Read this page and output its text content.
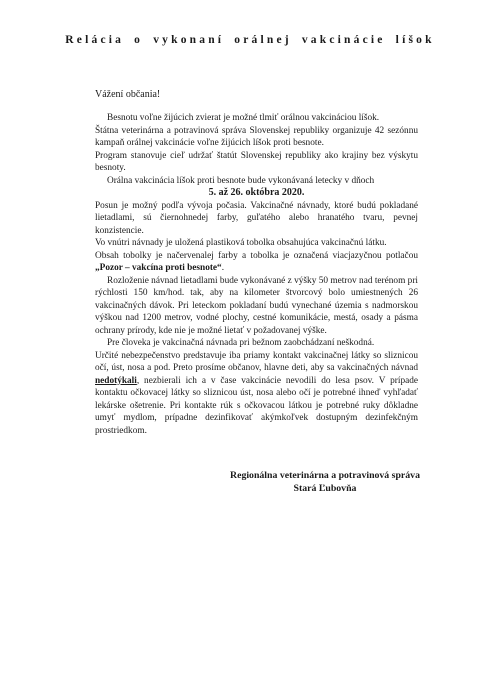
Relácia o vykonaní orálnej vakcinácie líšok
Vážení občania!

Besnotu voľne žijúcich zvierat je možné tlmiť orálnou vakcináciou líšok.

Štátna veterinárna a potravinová správa Slovenskej republiky organizuje 42 sezónnu kampaň orálnej vakcinácie voľne žijúcich líšok proti besnote.

Program stanovuje cieľ udržať štatút Slovenskej republiky ako krajiny bez výskytu besnoty.

Orálna vakcinácia líšok proti besnote bude vykonávaná letecky v dňoch

5. až 26. októbra 2020.

Posun je možný podľa vývoja počasia. Vakcinačné návnady, ktoré budú pokladané lietadlami, sú čiernohnedej farby, guľatého alebo hranatého tvaru, pevnej konzistencie.

Vo vnútri návnady je uložená plastiková tobolka obsahujúca vakcinačnú látku.

Obsah tobolky je načervenalej farby a tobolka je označená viacjazyčnou potlačou „Pozor – vakcína proti besnote“.

Rozloženie návnad lietadlami bude vykonávané z výšky 50 metrov nad terénom pri rýchlosti 150 km/hod. tak, aby na kilometer štvorcový bolo umiestnených 26 vakcinačných dávok. Pri leteckom pokladaní budú vynechané územia s nadmorskou výškou nad 1200 metrov, vodné plochy, cestné komunikácie, mestá, osady a pásma ochrany prírody, kde nie je možné lietať v požadovanej výške.

Pre človeka je vakcinačná návnada pri bežnom zaobchádzaní neškodná.

Určité nebezpečenstvo predstavuje iba priamy kontakt vakcinačnej látky so sliznicou očí, úst, nosa a pod. Preto prosíme občanov, hlavne deti, aby sa vakcinačných návnad nedotýkali, nezbierali ich a v čase vakcinácie nevodili do lesa psov. V prípade kontaktu očkovacej látky so sliznicou úst, nosa alebo očí je potrebné ihneď vyhľadať lekárske ošetrenie. Pri kontakte rúk s očkovacou látkou je potrebné ruky dôkladne umyť mydlom, prípadne dezinfikovať akýmkoľvek dostupným dezinfekčným prostriedkom.

Regionálna veterinárna a potravinová správa
Stará Ľubovňa
